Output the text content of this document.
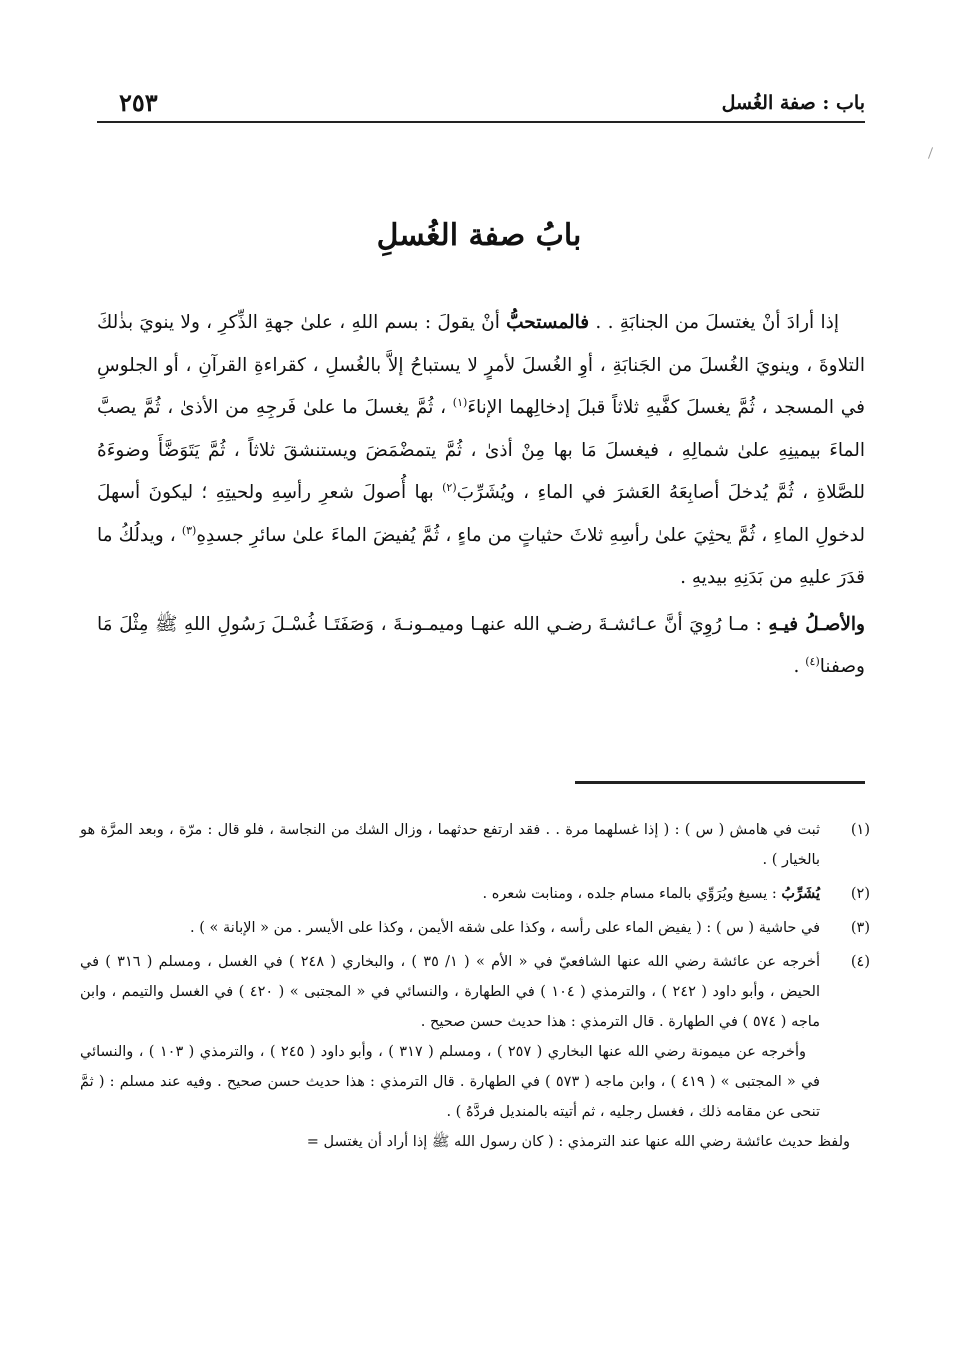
باب : صفة الغُسل
٢٥٣
بابُ صفة الغُسلِ

إذا أرادَ أنْ يغتسلَ من الجنابَةِ . . فالمستحبُّ أنْ يقولَ : بسم اللهِ ، علىٰ جهةِ الذِّكرِ ، ولا ينويَ بذٰلكَ التلاوةَ ، وينويَ الغُسلَ من الجَنابَةِ ، أوِ الغُسلَ لأمرٍ لا يستباحُ إلاَّ بالغُسلِ ، كقراءةِ القرآنِ ، أو الجلوسِ في المسجد ، ثُمَّ يغسلَ كفَّيهِ ثلاثاً قبلَ إدخالِهما الإناءَ$^{(١)}$ ، ثُمَّ يغسلَ ما علىٰ فَرجِهِ من الأذىٰ ، ثُمَّ يصبَّ الماءَ بيمينِهِ علىٰ شمالِهِ ، فيغسلَ مَا بها مِنْ أذىٰ ، ثُمَّ يتمضْمَضَ ويستنشقَ ثلاثاً ، ثُمَّ يَتَوَضَّأَ وضوءَهُ للصَّلاةِ ، ثُمَّ يُدخلَ أصابِعَهُ العَشرَ في الماءِ ، ويُشَرِّبَ$^{(٢)}$ بها أُصولَ شعرِ رأسِهِ ولحيتِهِ ؛ ليكونَ أسهلَ لدخولِ الماءِ ، ثُمَّ يحثِيَ علىٰ رأسِهِ ثلاثَ حثياتٍ من ماءٍ ، ثُمَّ يُفيضَ الماءَ علىٰ سائرِ جسدِهِ$^{(٣)}$ ، ويدلُكُ ما قدَرَ عليهِ من بَدَنِهِ بيديهِ .

والأصـلُ فيـهِ : مـا رُوِيَ أنَّ عـائشـةَ رضـي الله عنهـا وميمـونـةَ ، وَصَفَتَـا غُسْـلَ رَسُولِ اللهِ ﷺ مِثْلَ مَا وصفنا$^{(٤)}$ .

(١)
ثبت في هامش ( س ) : ( إذا غسلهما مرة . . فقد ارتفع حدثهما ، وزال الشك من النجاسة ، فلو قال : مرّة ، وبعد المرَّة هو بالخيار ) .
(٢)
يُشَرِّبُ : يسيغ ويُرَوِّي بالماء مسام جلده ، ومنابت شعره .
(٣)
في حاشية ( س ) : ( يفيض الماء على رأسه ، وكذا على شقه الأيمن ، وكذا على الأيسر . من « الإبانة » ) .
(٤)
أخرجه عن عائشة رضي الله عنها الشافعيّ في « الأم » ( ١/ ٣٥ ) ، والبخاري ( ٢٤٨ ) في الغسل ، ومسلم ( ٣١٦ ) في الحيض ، وأبو داود ( ٢٤٢ ) ، والترمذي ( ١٠٤ ) في الطهارة ، والنسائي في « المجتبى » ( ٤٢٠ ) في الغسل والتيمم ، وابن ماجه ( ٥٧٤ ) في الطهارة . قال الترمذي : هذا حديث حسن صحيح .
وأخرجه عن ميمونة رضي الله عنها البخاري ( ٢٥٧ ) ، ومسلم ( ٣١٧ ) ، وأبو داود ( ٢٤٥ ) ، والترمذي ( ١٠٣ ) ، والنسائي في « المجتبى » ( ٤١٩ ) ، وابن ماجه ( ٥٧٣ ) في الطهارة . قال الترمذي : هذا حديث حسن صحيح . وفيه عند مسلم : ( ثمَّ تنحى عن مقامه ذلك ، فغسل رجليه ، ثم أتيته بالمنديل فردَّهُ ) .
ولفظ حديث عائشة رضي الله عنها عند الترمذي : ( كان رسول الله ﷺ إذا أراد أن يغتسل =
